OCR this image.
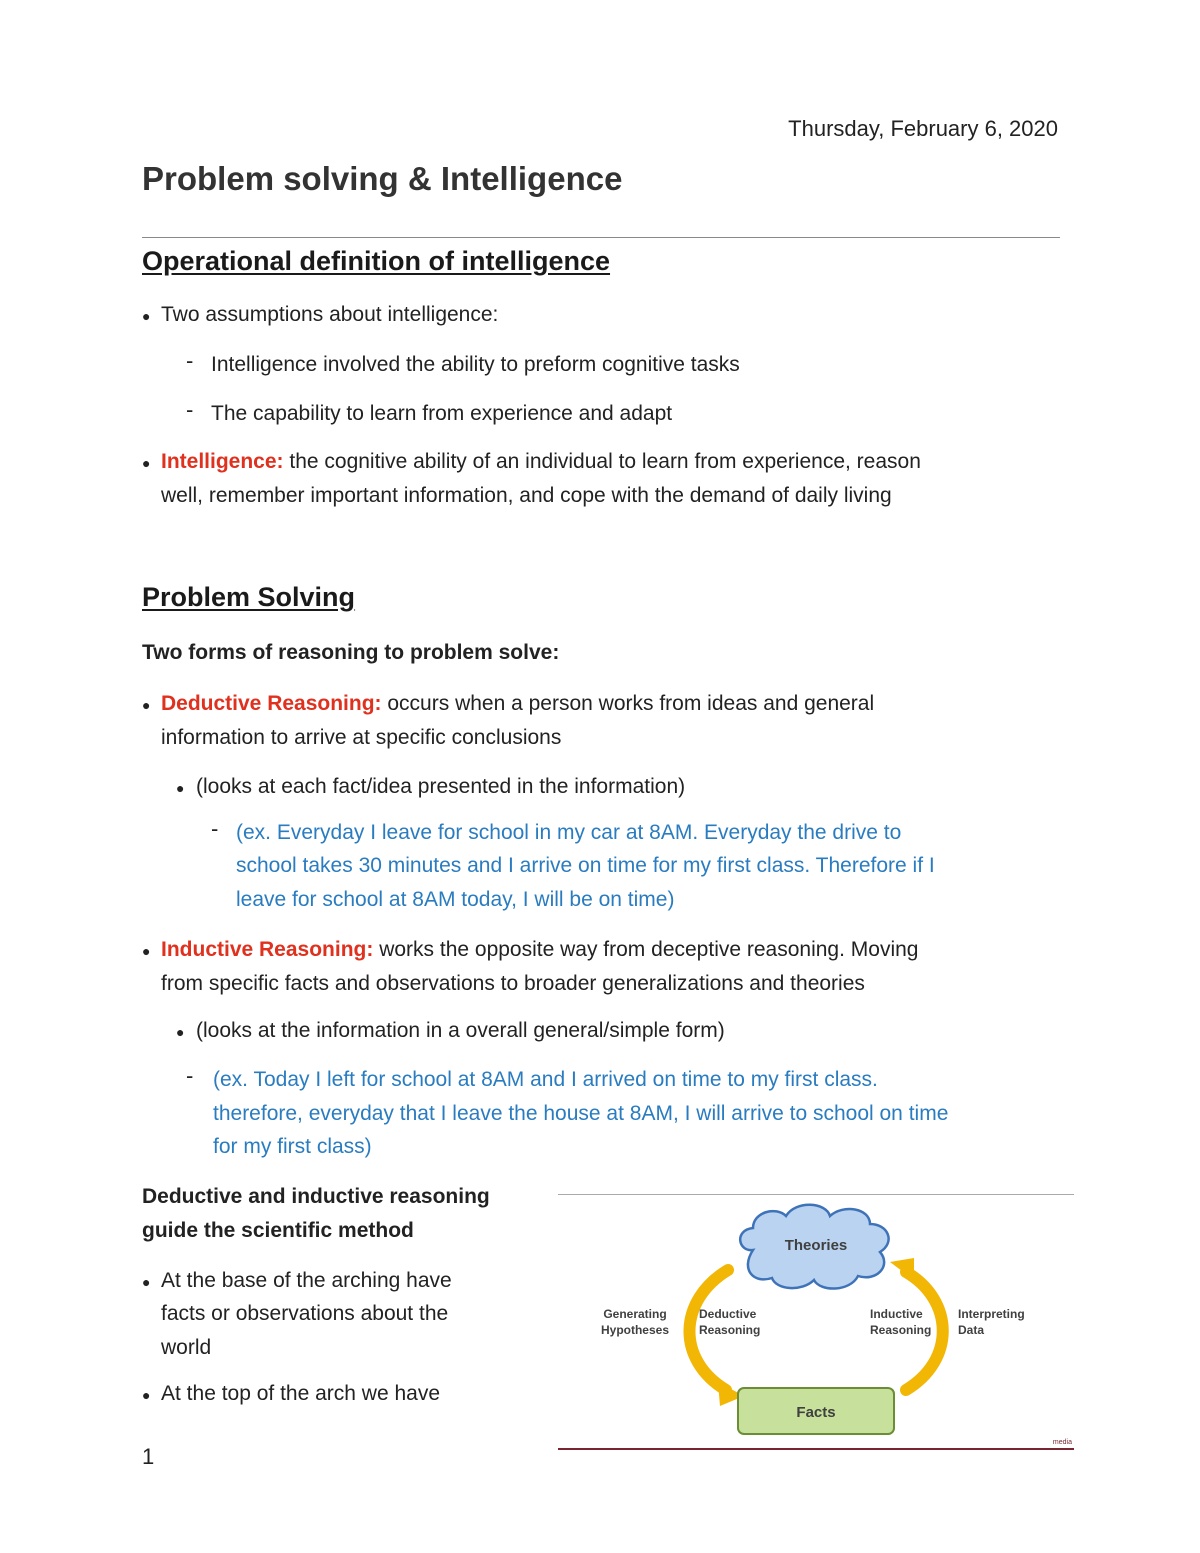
Thursday, February 6, 2020
Problem solving & Intelligence
Operational definition of intelligence
● Two assumptions about intelligence:
- Intelligence involved the ability to preform cognitive tasks
- The capability to learn from experience and adapt
● Intelligence: the cognitive ability of an individual to learn from experience, reason
well, remember important information, and cope with the demand of daily living
Problem Solving
Two forms of reasoning to problem solve:
● Deductive Reasoning: occurs when a person works from ideas and general
information to arrive at specific conclusions
● (looks at each fact/idea presented in the information)
- (ex. Everyday I leave for school in my car at 8AM. Everyday the drive to
school takes 30 minutes and I arrive on time for my first class. Therefore if I
leave for school at 8AM today, I will be on time)
● Inductive Reasoning: works the opposite way from deceptive reasoning. Moving
from specific facts and observations to broader generalizations and theories
● (looks at the information in a overall general/simple form)
- (ex. Today I left for school at 8AM and I arrived on time to my first class.
therefore, everyday that I leave the house at 8AM, I will arrive to school on time
for my first class)
Deductive and inductive reasoning
guide the scientific method
● At the base of the arching have
facts or observations about the
world
● At the top of the arch we have
Theories
Facts
Generating
Hypotheses
Deductive
Reasoning
Inductive
Reasoning
Interpreting
Data
media
1
